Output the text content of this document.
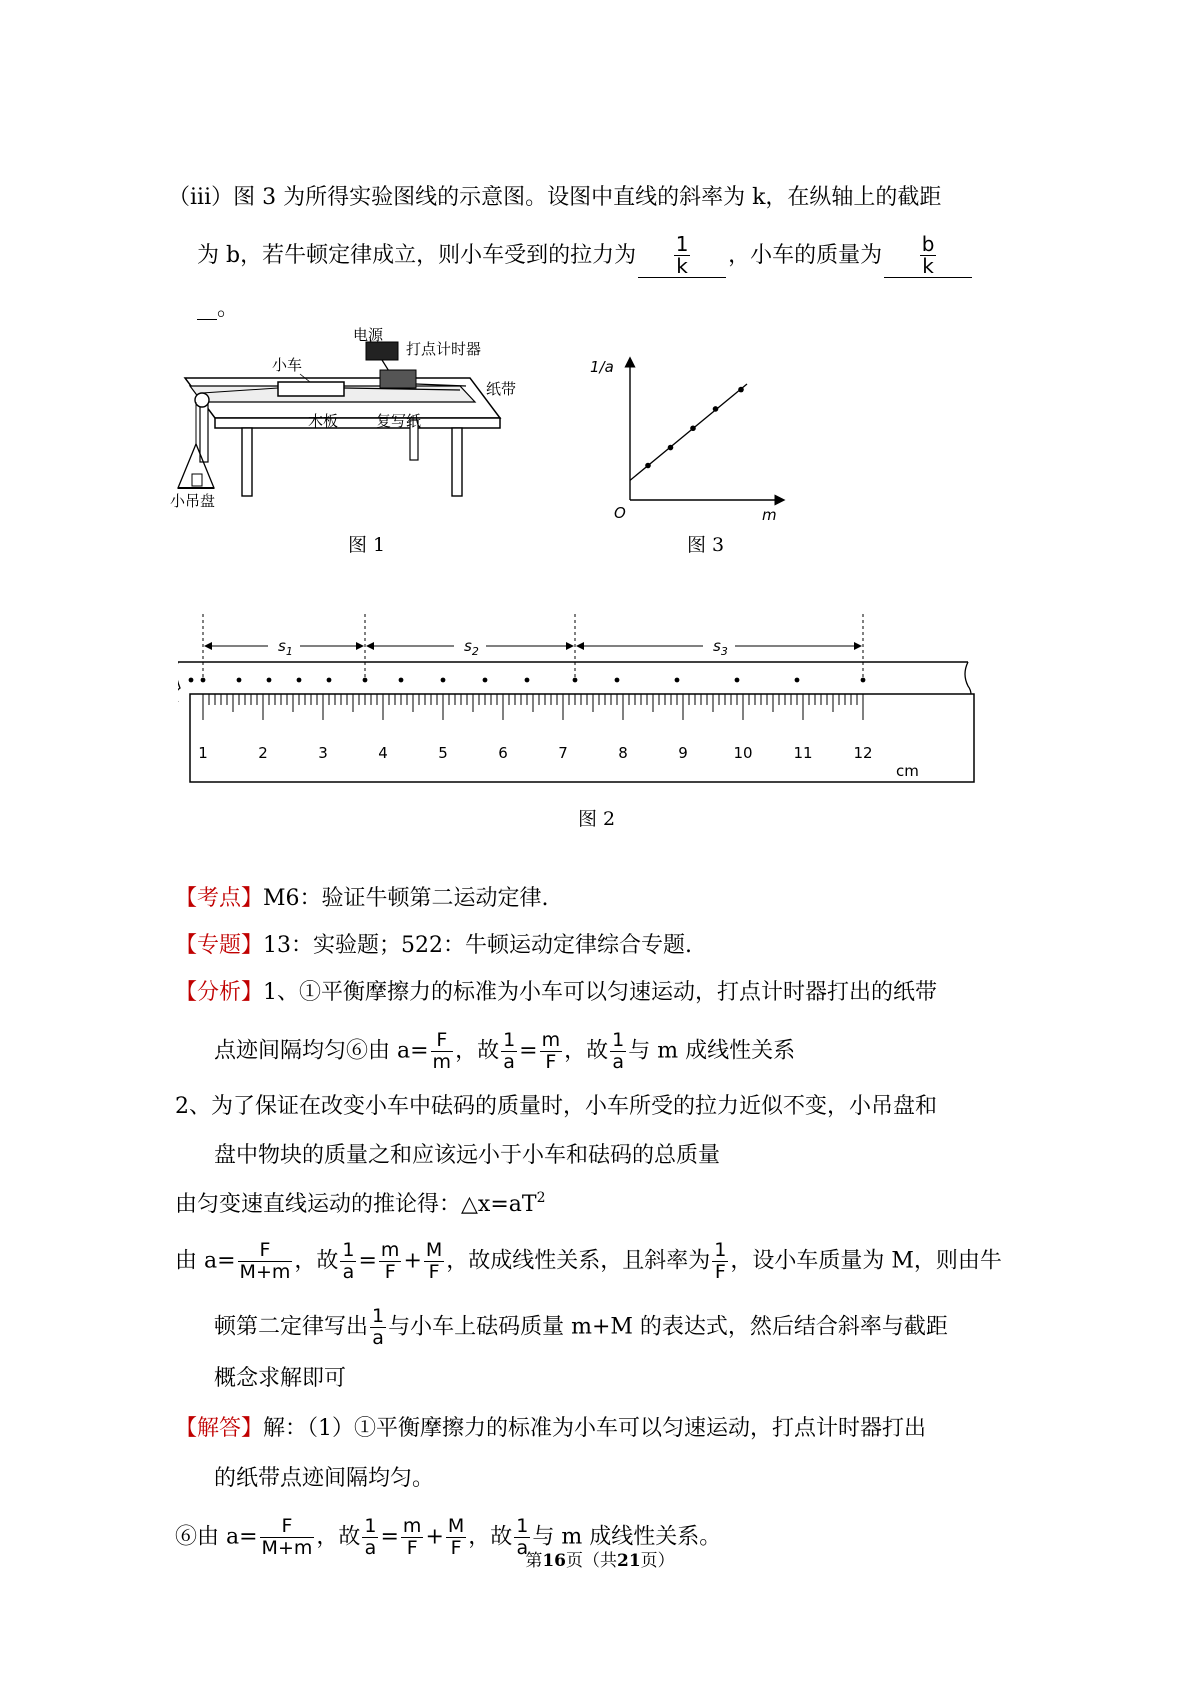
（iii）图 3 为所得实验图线的示意图。设图中直线的斜率为 k，在纵轴上的截距
为 b，若牛顿定律成立，则小车受到的拉力为 $\frac{1}{k}$ ，小车的质量为 $\frac{b}{k}$
。
电源
打点计时器
小车
纸带
木板	复写纸
小吊盘
图 1
1/a
m
O
图 3
1	2	3	4	5	6	7	8	9	10	11	12
$s_1$	$s_2$	$s_3$
cm
图 2
【考点】M6：验证牛顿第二运动定律.
【专题】13：实验题；522：牛顿运动定律综合专题.
【分析】1、①平衡摩擦力的标准为小车可以匀速运动，打点计时器打出的纸带
点迹间隔均匀⑥由 $a= \frac{F}{m}$ ，故 $\frac{1}{a} = \frac{m}{F}$ ，故 $\frac{1}{a}$ 与 m 成线性关系
2、为了保证在改变小车中砝码的质量时，小车所受的拉力近似不变，小吊盘和
盘中物块的质量之和应该远小于小车和砝码的总质量
由匀变速直线运动的推论得：$\triangle x=aT^2$
由 $a= \frac{F}{M+m}$ ，故 $\frac{1}{a} = \frac{m}{F} + \frac{M}{F}$ ，故成线性关系，且斜率为 $\frac{1}{F}$ ，设小车质量为 M，则由牛
顿第二定律写出 $\frac{1}{a}$ 与小车上砝码质量 m+M 的表达式，然后结合斜率与截距
概念求解即可
【解答】解：（1）①平衡摩擦力的标准为小车可以匀速运动，打点计时器打出
的纸带点迹间隔均匀。
⑥由 $a= \frac{F}{M+m}$ ，故 $\frac{1}{a} = \frac{m}{F} + \frac{M}{F}$ ，故 $\frac{1}{a}$ 与 m 成线性关系。
第16页（共21页）
